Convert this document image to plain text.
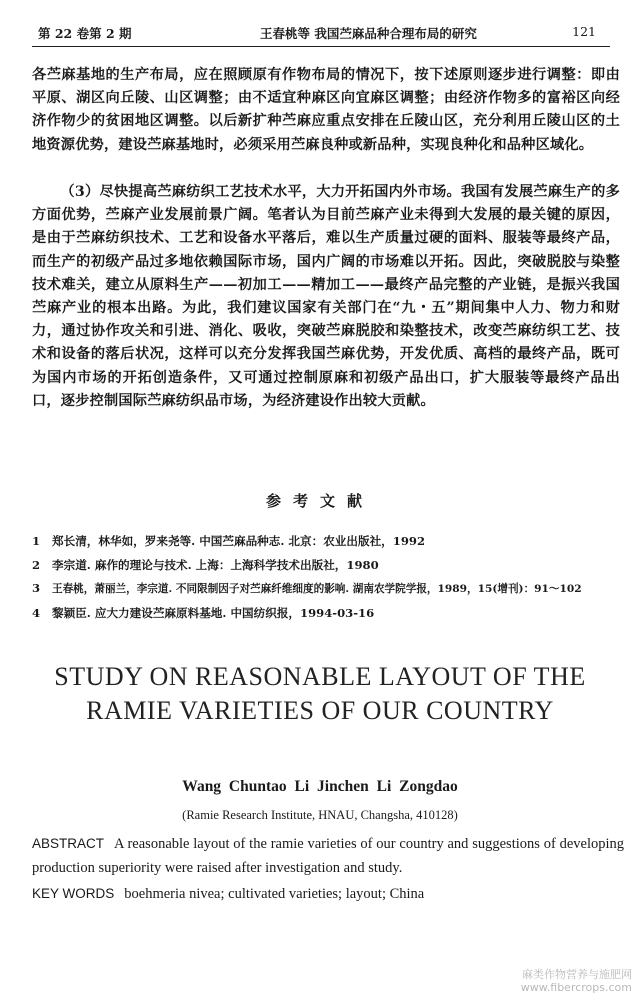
第 22 卷第 2 期	王春桃等 我国苎麻品种合理布局的研究	121

各苎麻基地的生产布局，应在照顾原有作物布局的情况下，按下述原则逐步进行调整：即由平原、湖区向丘陵、山区调整；由不适宜种麻区向宜麻区调整；由经济作物多的富裕区向经济作物少的贫困地区调整。以后新扩种苎麻应重点安排在丘陵山区，充分利用丘陵山区的土地资源优势，建设苎麻基地时，必须采用苎麻良种或新品种，实现良种化和品种区域化。

（3）尽快提高苎麻纺织工艺技术水平，大力开拓国内外市场。我国有发展苎麻生产的多方面优势，苎麻产业发展前景广阔。笔者认为目前苎麻产业未得到大发展的最关键的原因，是由于苎麻纺织技术、工艺和设备水平落后，难以生产质量过硬的面料、服装等最终产品，而生产的初级产品过多地依赖国际市场，国内广阔的市场难以开拓。因此，突破脱胶与染整技术难关，建立从原料生产——初加工——精加工——最终产品完整的产业链，是振兴我国苎麻产业的根本出路。为此，我们建议国家有关部门在“九・五”期间集中人力、物力和财力，通过协作攻关和引进、消化、吸收，突破苎麻脱胶和染整技术，改变苎麻纺织工艺、技术和设备的落后状况，这样可以充分发挥我国苎麻优势，开发优质、高档的最终产品，既可为国内市场的开拓创造条件，又可通过控制原麻和初级产品出口，扩大服装等最终产品出口，逐步控制国际苎麻纺织品市场，为经济建设作出较大贡献。

参考文献
1 郑长清，林华如，罗来尧等. 中国苎麻品种志. 北京：农业出版社，1992
2 李宗道. 麻作的理论与技术. 上海：上海科学技术出版社，1980
3 王春桃，萧丽兰，李宗道. 不同限制因子对苎麻纤维细度的影响. 湖南农学院学报，1989，15(增刊)：91～102
4 黎颖臣. 应大力建设苎麻原料基地. 中国纺织报，1994-03-16
STUDY ON REASONABLE LAYOUT OF THE
RAMIE VARIETIES OF OUR COUNTRY
Wang Chuntao Li Jinchen Li Zongdao
(Ramie Research Institute, HNAU, Changsha, 410128)

ABSTRACT A reasonable layout of the ramie varieties of our country and suggestions of developing production superiority were raised after investigation and study.

KEY WORDS boehmeria nivea; cultivated varieties; layout; China

麻类作物营养与施肥网
www.fibercrops.com
